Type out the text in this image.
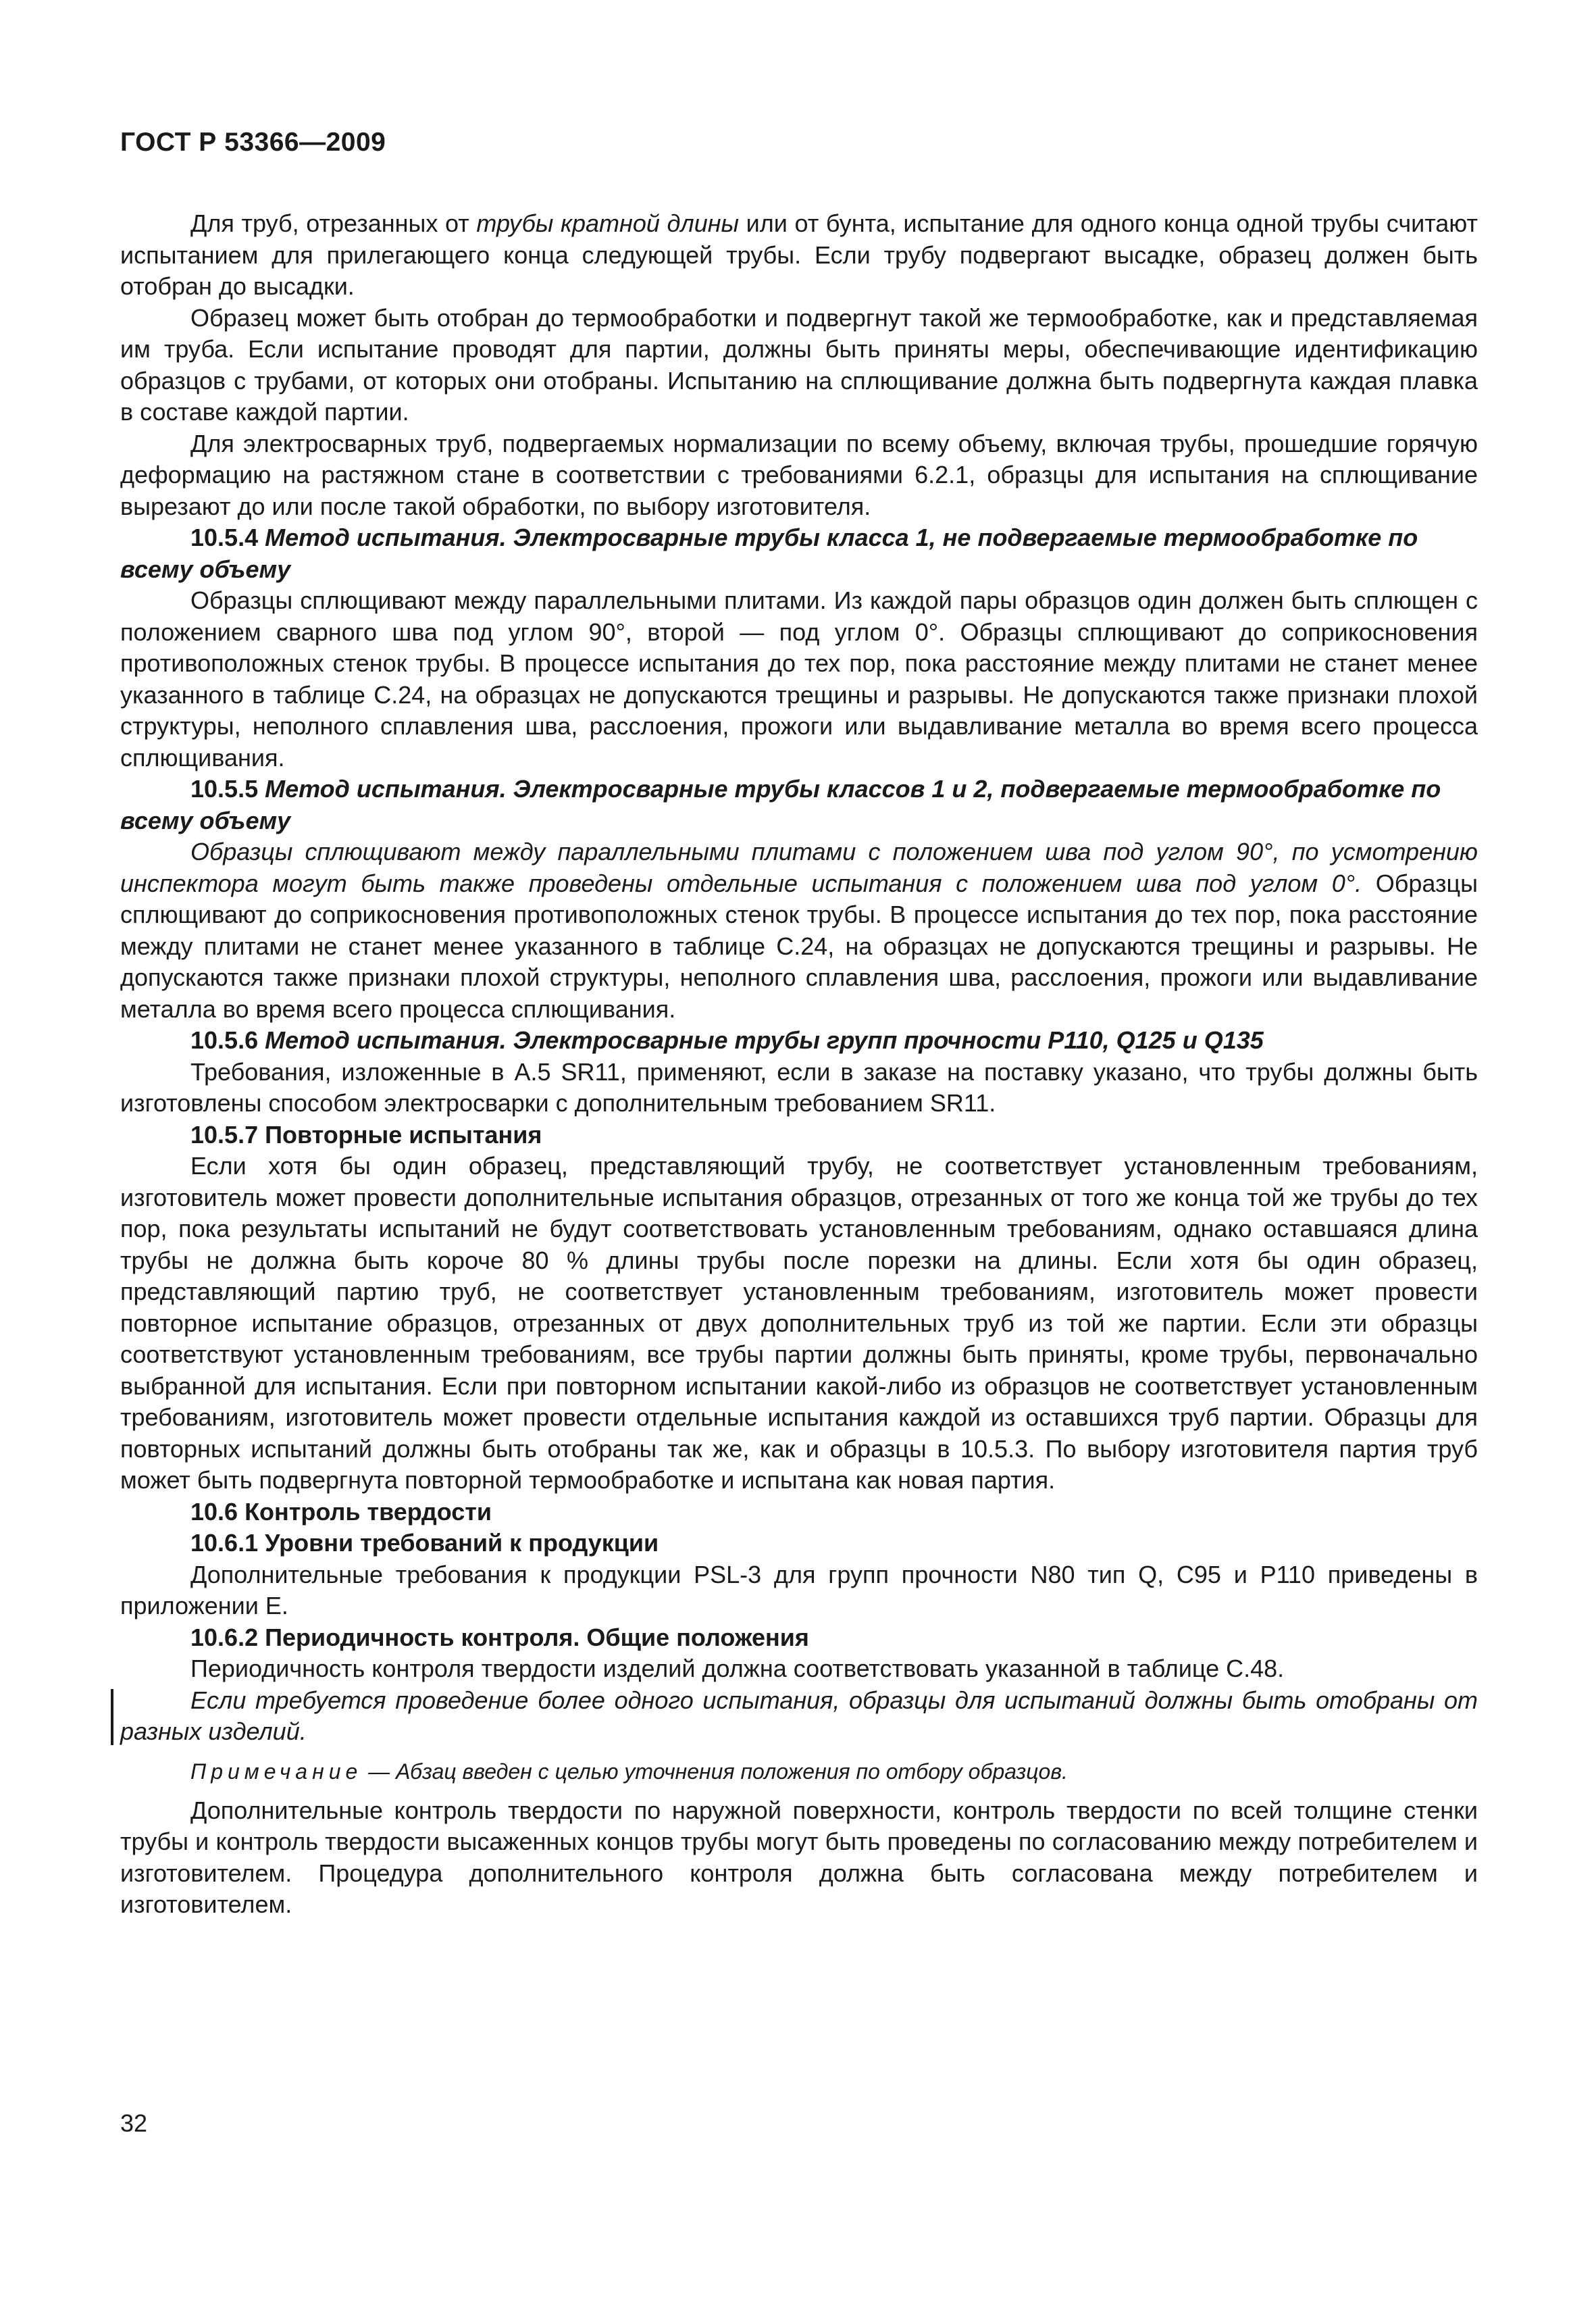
ГОСТ Р 53366—2009

Для труб, отрезанных от трубы кратной длины или от бунта, испытание для одного конца одной трубы считают испытанием для прилегающего конца следующей трубы. Если трубу подвергают высадке, образец должен быть отобран до высадки.

Образец может быть отобран до термообработки и подвергнут такой же термообработке, как и представляемая им труба. Если испытание проводят для партии, должны быть приняты меры, обеспечивающие идентификацию образцов с трубами, от которых они отобраны. Испытанию на сплющивание должна быть подвергнута каждая плавка в составе каждой партии.

Для электросварных труб, подвергаемых нормализации по всему объему, включая трубы, прошедшие горячую деформацию на растяжном стане в соответствии с требованиями 6.2.1, образцы для испытания на сплющивание вырезают до или после такой обработки, по выбору изготовителя.

10.5.4 Метод испытания. Электросварные трубы класса 1, не подвергаемые термообработке по всему объему

Образцы сплющивают между параллельными плитами. Из каждой пары образцов один должен быть сплющен с положением сварного шва под углом 90°, второй — под углом 0°. Образцы сплющивают до соприкосновения противоположных стенок трубы. В процессе испытания до тех пор, пока расстояние между плитами не станет менее указанного в таблице С.24, на образцах не допускаются трещины и разрывы. Не допускаются также признаки плохой структуры, неполного сплавления шва, расслоения, прожоги или выдавливание металла во время всего процесса сплющивания.

10.5.5 Метод испытания. Электросварные трубы классов 1 и 2, подвергаемые термообработке по всему объему

Образцы сплющивают между параллельными плитами с положением шва под углом 90°, по усмотрению инспектора могут быть также проведены отдельные испытания с положением шва под углом 0°. Образцы сплющивают до соприкосновения противоположных стенок трубы. В процессе испытания до тех пор, пока расстояние между плитами не станет менее указанного в таблице С.24, на образцах не допускаются трещины и разрывы. Не допускаются также признаки плохой структуры, неполного сплавления шва, расслоения, прожоги или выдавливание металла во время всего процесса сплющивания.

10.5.6 Метод испытания. Электросварные трубы групп прочности P110, Q125 и Q135

Требования, изложенные в А.5 SR11, применяют, если в заказе на поставку указано, что трубы должны быть изготовлены способом электросварки с дополнительным требованием SR11.

10.5.7 Повторные испытания

Если хотя бы один образец, представляющий трубу, не соответствует установленным требованиям, изготовитель может провести дополнительные испытания образцов, отрезанных от того же конца той же трубы до тех пор, пока результаты испытаний не будут соответствовать установленным требованиям, однако оставшаяся длина трубы не должна быть короче 80 % длины трубы после порезки на длины. Если хотя бы один образец, представляющий партию труб, не соответствует установленным требованиям, изготовитель может провести повторное испытание образцов, отрезанных от двух дополнительных труб из той же партии. Если эти образцы соответствуют установленным требованиям, все трубы партии должны быть приняты, кроме трубы, первоначально выбранной для испытания. Если при повторном испытании какой-либо из образцов не соответствует установленным требованиям, изготовитель может провести отдельные испытания каждой из оставшихся труб партии. Образцы для повторных испытаний должны быть отобраны так же, как и образцы в 10.5.3. По выбору изготовителя партия труб может быть подвергнута повторной термообработке и испытана как новая партия.

10.6 Контроль твердости

10.6.1 Уровни требований к продукции

Дополнительные требования к продукции PSL-3 для групп прочности N80 тип Q, C95 и P110 приведены в приложении Е.

10.6.2 Периодичность контроля. Общие положения

Периодичность контроля твердости изделий должна соответствовать указанной в таблице С.48.

Если требуется проведение более одного испытания, образцы для испытаний должны быть отобраны от разных изделий.

Примечание — Абзац введен с целью уточнения положения по отбору образцов.

Дополнительные контроль твердости по наружной поверхности, контроль твердости по всей толщине стенки трубы и контроль твердости высаженных концов трубы могут быть проведены по согласованию между потребителем и изготовителем. Процедура дополнительного контроля должна быть согласована между потребителем и изготовителем.

32
